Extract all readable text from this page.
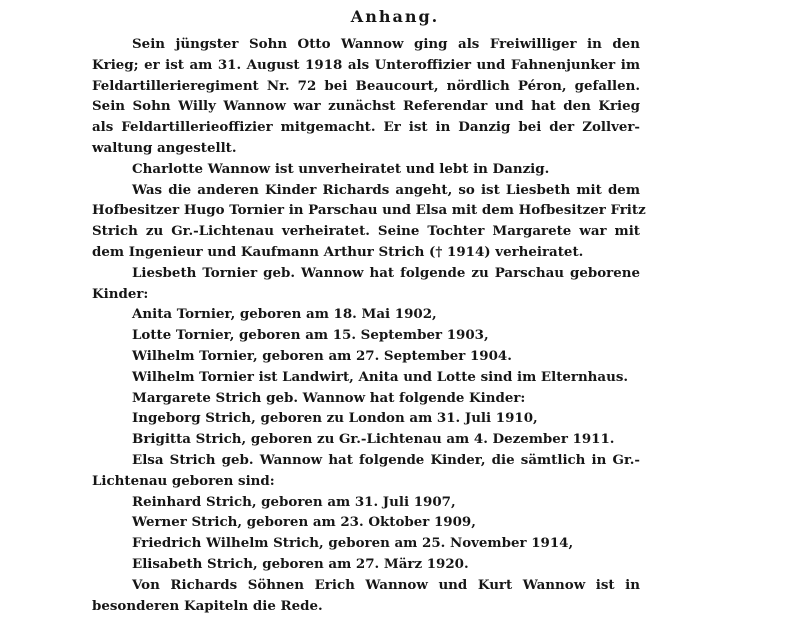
Anhang.

Sein jüngster Sohn Otto Wannow ging als Freiwilliger in den

Krieg; er ist am 31. August 1918 als Unteroffizier und Fahnenjunker im

Feldartillerieregiment Nr. 72 bei Beaucourt, nördlich Péron, gefallen.

Sein Sohn Willy Wannow war zunächst Referendar und hat den Krieg

als Feldartillerieoffizier mitgemacht. Er ist in Danzig bei der Zollver-

waltung angestellt.

Charlotte Wannow ist unverheiratet und lebt in Danzig.

Was die anderen Kinder Richards angeht, so ist Liesbeth mit dem

Hofbesitzer Hugo Tornier in Parschau und Elsa mit dem Hofbesitzer Fritz

Strich zu Gr.-Lichtenau verheiratet. Seine Tochter Margarete war mit

dem Ingenieur und Kaufmann Arthur Strich († 1914) verheiratet.

Liesbeth Tornier geb. Wannow hat folgende zu Parschau geborene

Kinder:

Anita Tornier, geboren am 18. Mai 1902,

Lotte Tornier, geboren am 15. September 1903,

Wilhelm Tornier, geboren am 27. September 1904.

Wilhelm Tornier ist Landwirt, Anita und Lotte sind im Elternhaus.

Margarete Strich geb. Wannow hat folgende Kinder:

Ingeborg Strich, geboren zu London am 31. Juli 1910,

Brigitta Strich, geboren zu Gr.-Lichtenau am 4. Dezember 1911.

Elsa Strich geb. Wannow hat folgende Kinder, die sämtlich in Gr.-

Lichtenau geboren sind:

Reinhard Strich, geboren am 31. Juli 1907,

Werner Strich, geboren am 23. Oktober 1909,

Friedrich Wilhelm Strich, geboren am 25. November 1914,

Elisabeth Strich, geboren am 27. März 1920.

Von Richards Söhnen Erich Wannow und Kurt Wannow ist in

besonderen Kapiteln die Rede.
